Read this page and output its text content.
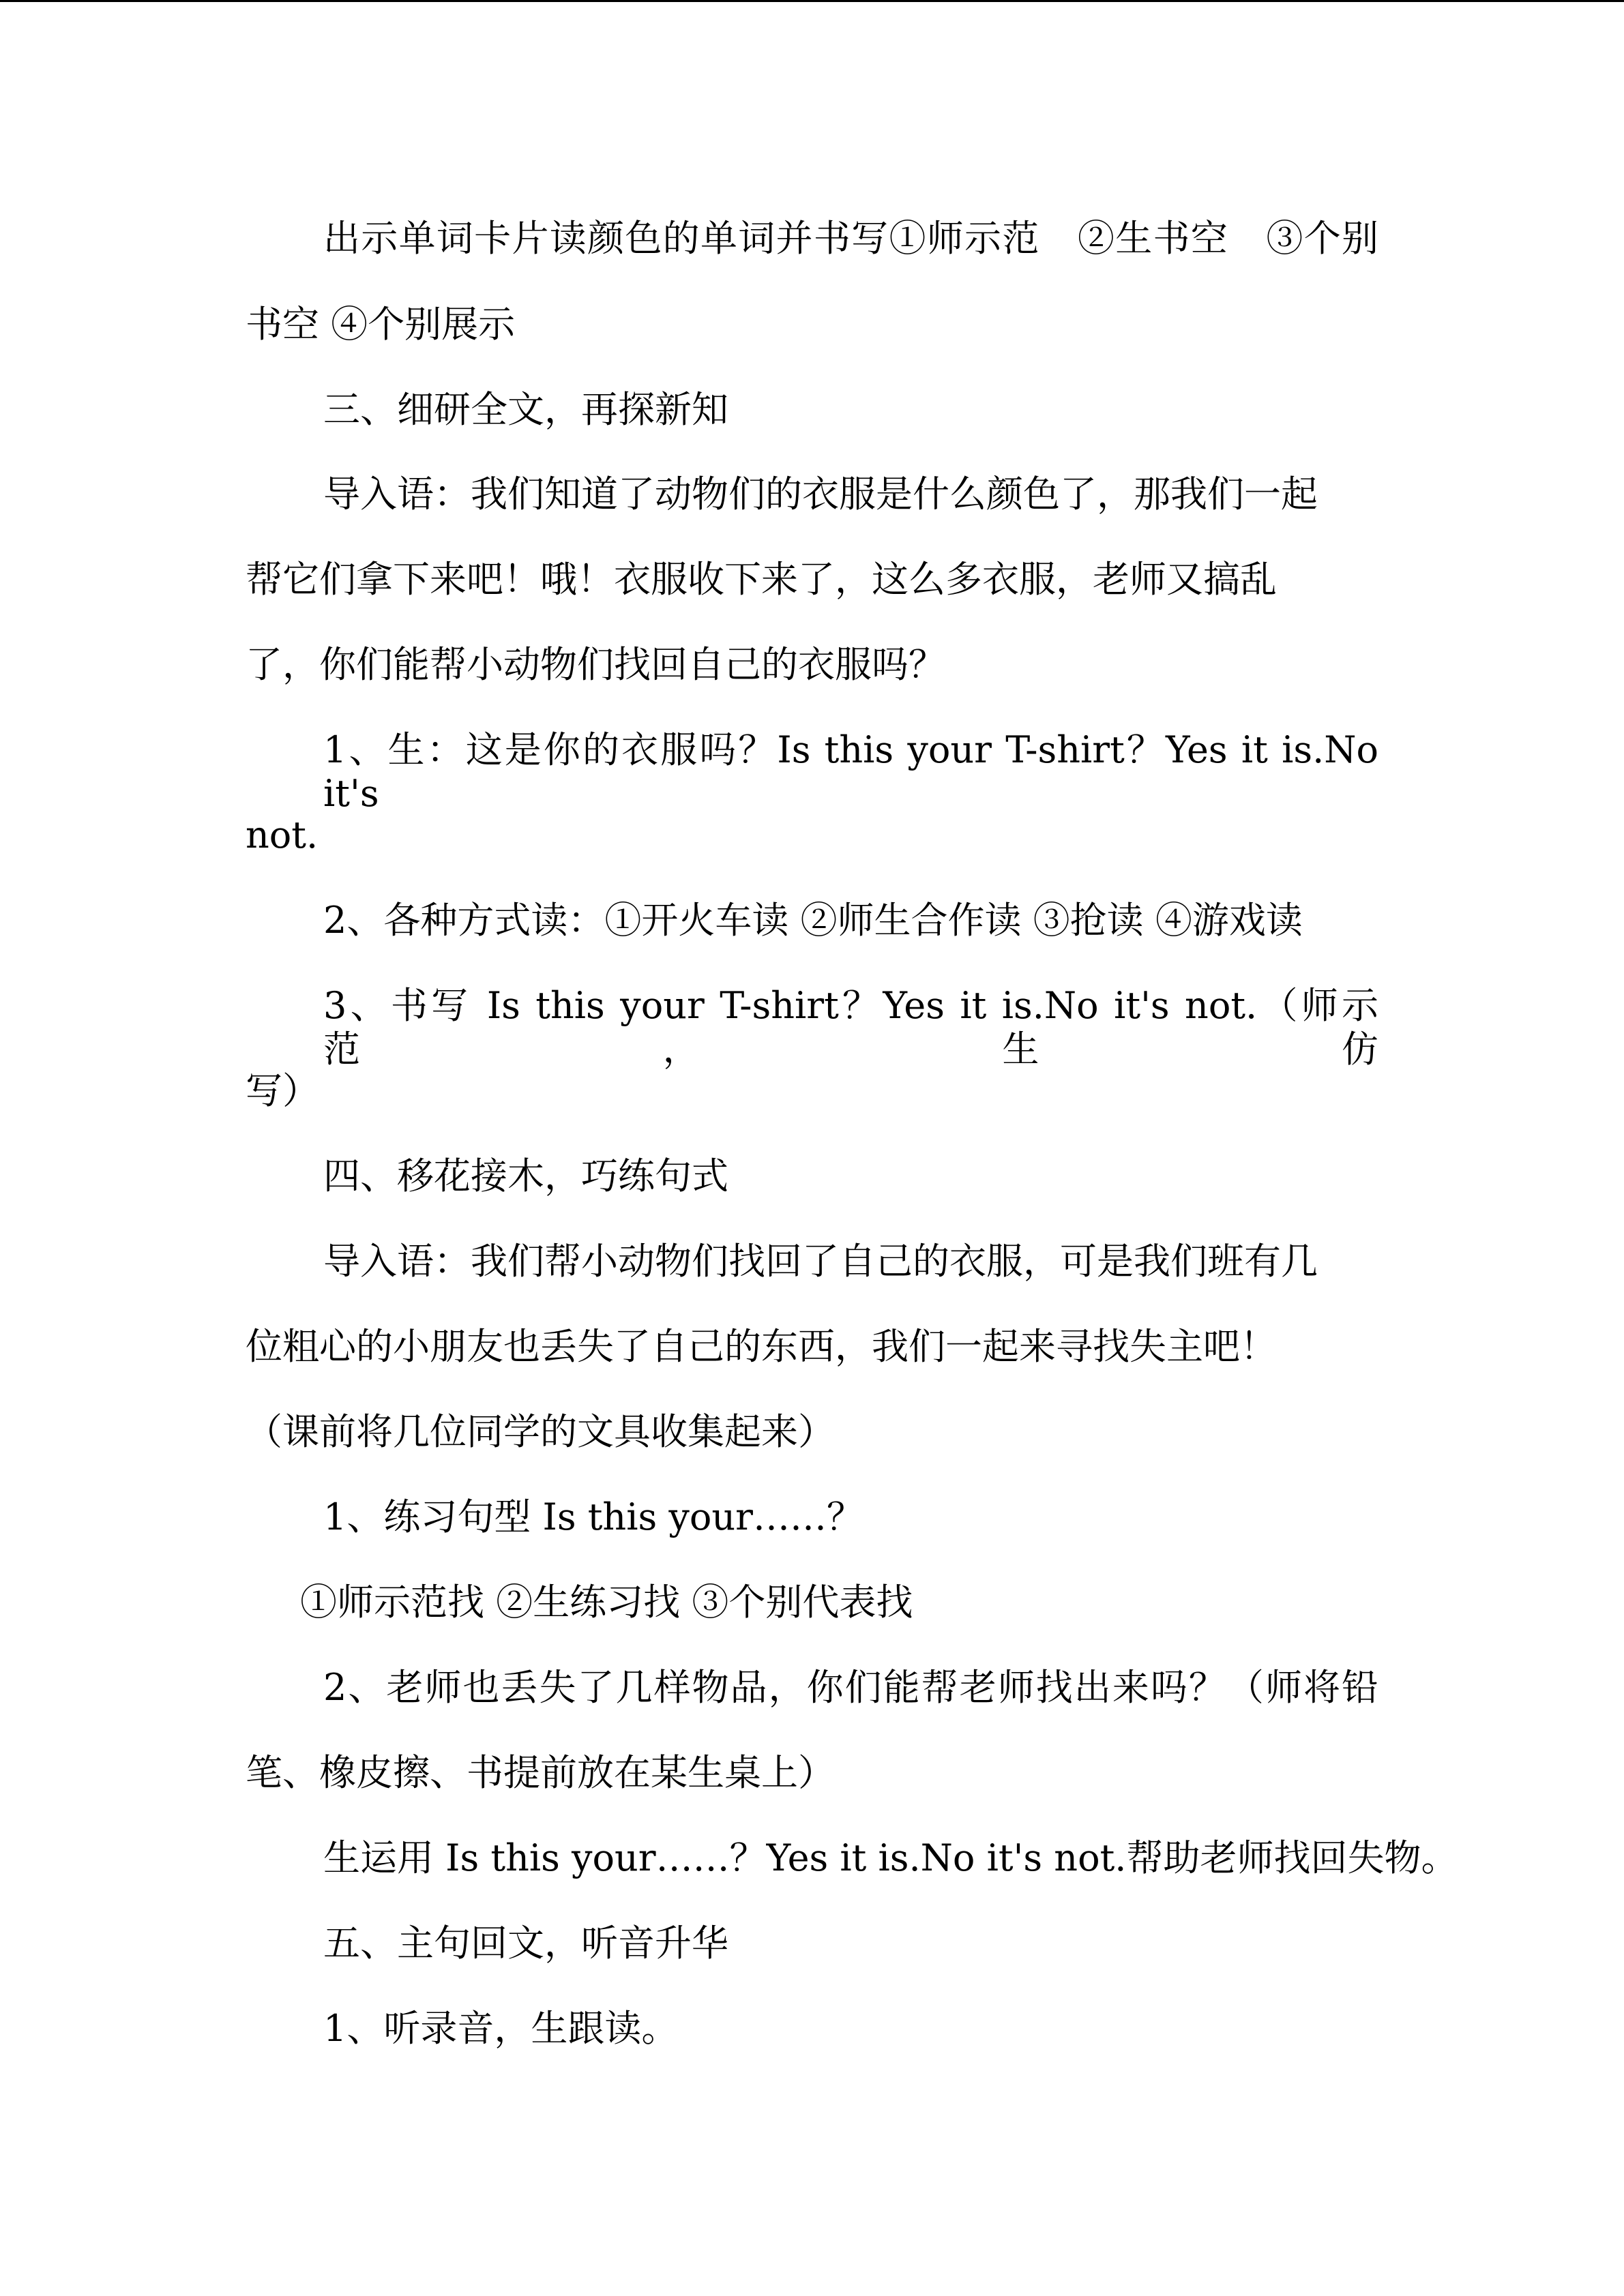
出示单词卡片读颜色的单词并书写①师示范　②生书空　③个别
书空 ④个别展示
三、细研全文，再探新知
导入语：我们知道了动物们的衣服是什么颜色了，那我们一起
帮它们拿下来吧！哦！衣服收下来了，这么多衣服，老师又搞乱
了，你们能帮小动物们找回自己的衣服吗？
1、生：这是你的衣服吗？Is this your T-shirt？Yes it is.No it's
not.
2、各种方式读：①开火车读 ②师生合作读 ③抢读 ④游戏读
3、书写 Is this your T-shirt？Yes it is.No it's not.（师示范，生仿
写）
四、移花接木，巧练句式
导入语：我们帮小动物们找回了自己的衣服，可是我们班有几
位粗心的小朋友也丢失了自己的东西，我们一起来寻找失主吧！
（课前将几位同学的文具收集起来）
1、练习句型 Is this your……？
①师示范找 ②生练习找 ③个别代表找
2、老师也丢失了几样物品，你们能帮老师找出来吗？（师将铅
笔、橡皮擦、书提前放在某生桌上）
生运用 Is this your……？Yes it is.No it's not.帮助老师找回失物。
五、主句回文，听音升华
1、听录音，生跟读。
